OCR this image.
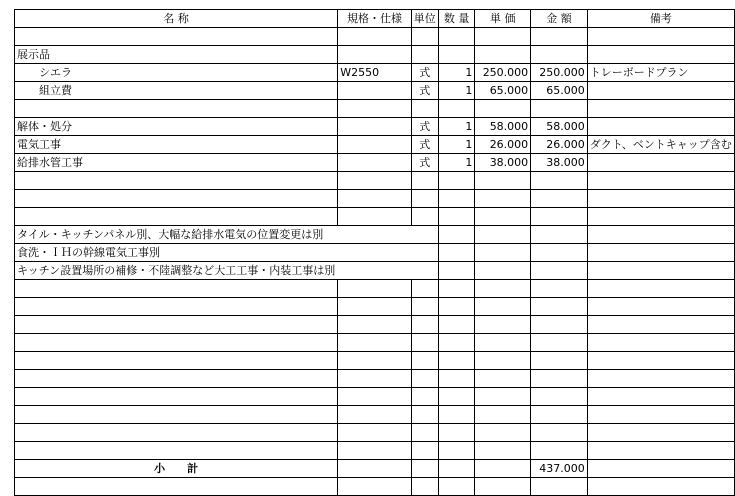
名 称	規格・仕様	単位	数 量	単 価	金 額	備考

展示品						
シエラ	W2550	式	1	250.000	250.000	トレーボードプラン
組立費		式	1	65.000	65.000	

解体・処分		式	1	58.000	58.000	
電気工事		式	1	26.000	26.000	ダクト、ベントキャップ含む
給排水管工事		式	1	38.000	38.000	

タイル・キッチンパネル別、大幅な給排水電気の位置変更は別						
食洗・ＩＨの幹線電気工事別						
キッチン設置場所の補修・不陸調整など大工工事・内装工事は別						

小　　計					437.000	
